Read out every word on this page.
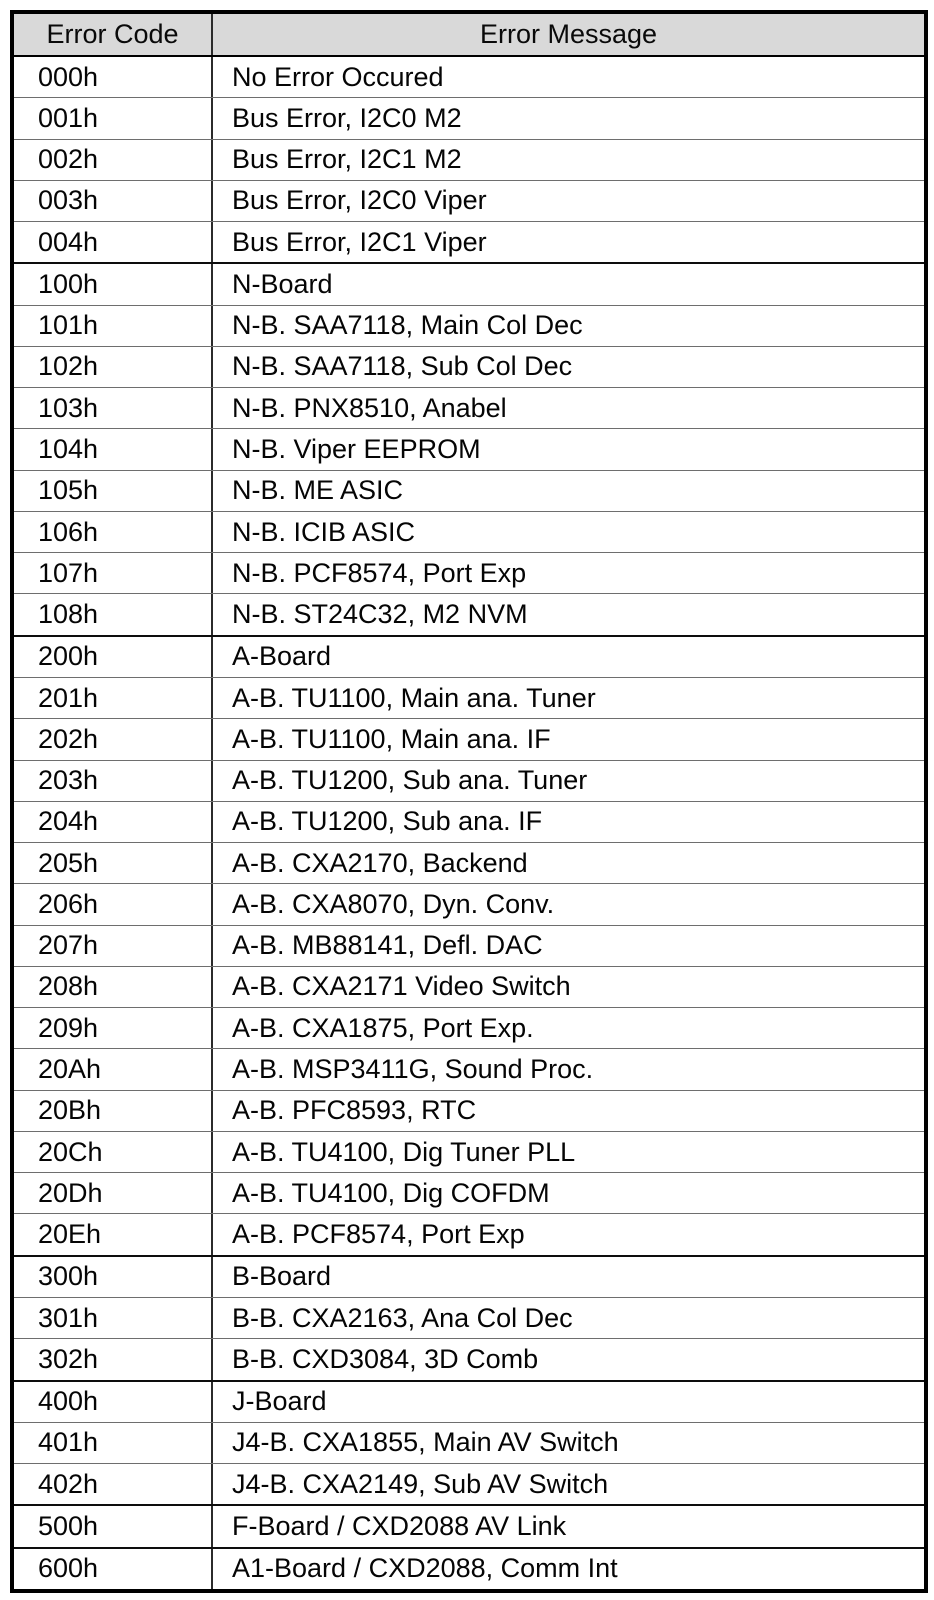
Error Code	Error Message
000h	No Error Occured
001h	Bus Error, I2C0 M2
002h	Bus Error, I2C1 M2
003h	Bus Error, I2C0 Viper
004h	Bus Error, I2C1 Viper
100h	N-Board
101h	N-B. SAA7118, Main Col Dec
102h	N-B. SAA7118, Sub Col Dec
103h	N-B. PNX8510, Anabel
104h	N-B. Viper EEPROM
105h	N-B. ME ASIC
106h	N-B. ICIB ASIC
107h	N-B. PCF8574, Port Exp
108h	N-B. ST24C32, M2 NVM
200h	A-Board
201h	A-B. TU1100, Main ana. Tuner
202h	A-B. TU1100, Main ana. IF
203h	A-B. TU1200, Sub ana. Tuner
204h	A-B. TU1200, Sub ana. IF
205h	A-B. CXA2170, Backend
206h	A-B. CXA8070, Dyn. Conv.
207h	A-B. MB88141, Defl. DAC
208h	A-B. CXA2171 Video Switch
209h	A-B. CXA1875, Port Exp.
20Ah	A-B. MSP3411G, Sound Proc.
20Bh	A-B. PFC8593, RTC
20Ch	A-B. TU4100, Dig Tuner PLL
20Dh	A-B. TU4100, Dig COFDM
20Eh	A-B. PCF8574, Port Exp
300h	B-Board
301h	B-B. CXA2163, Ana Col Dec
302h	B-B. CXD3084, 3D Comb
400h	J-Board
401h	J4-B. CXA1855, Main AV Switch
402h	J4-B. CXA2149, Sub AV Switch
500h	F-Board / CXD2088 AV Link
600h	A1-Board / CXD2088, Comm Int
